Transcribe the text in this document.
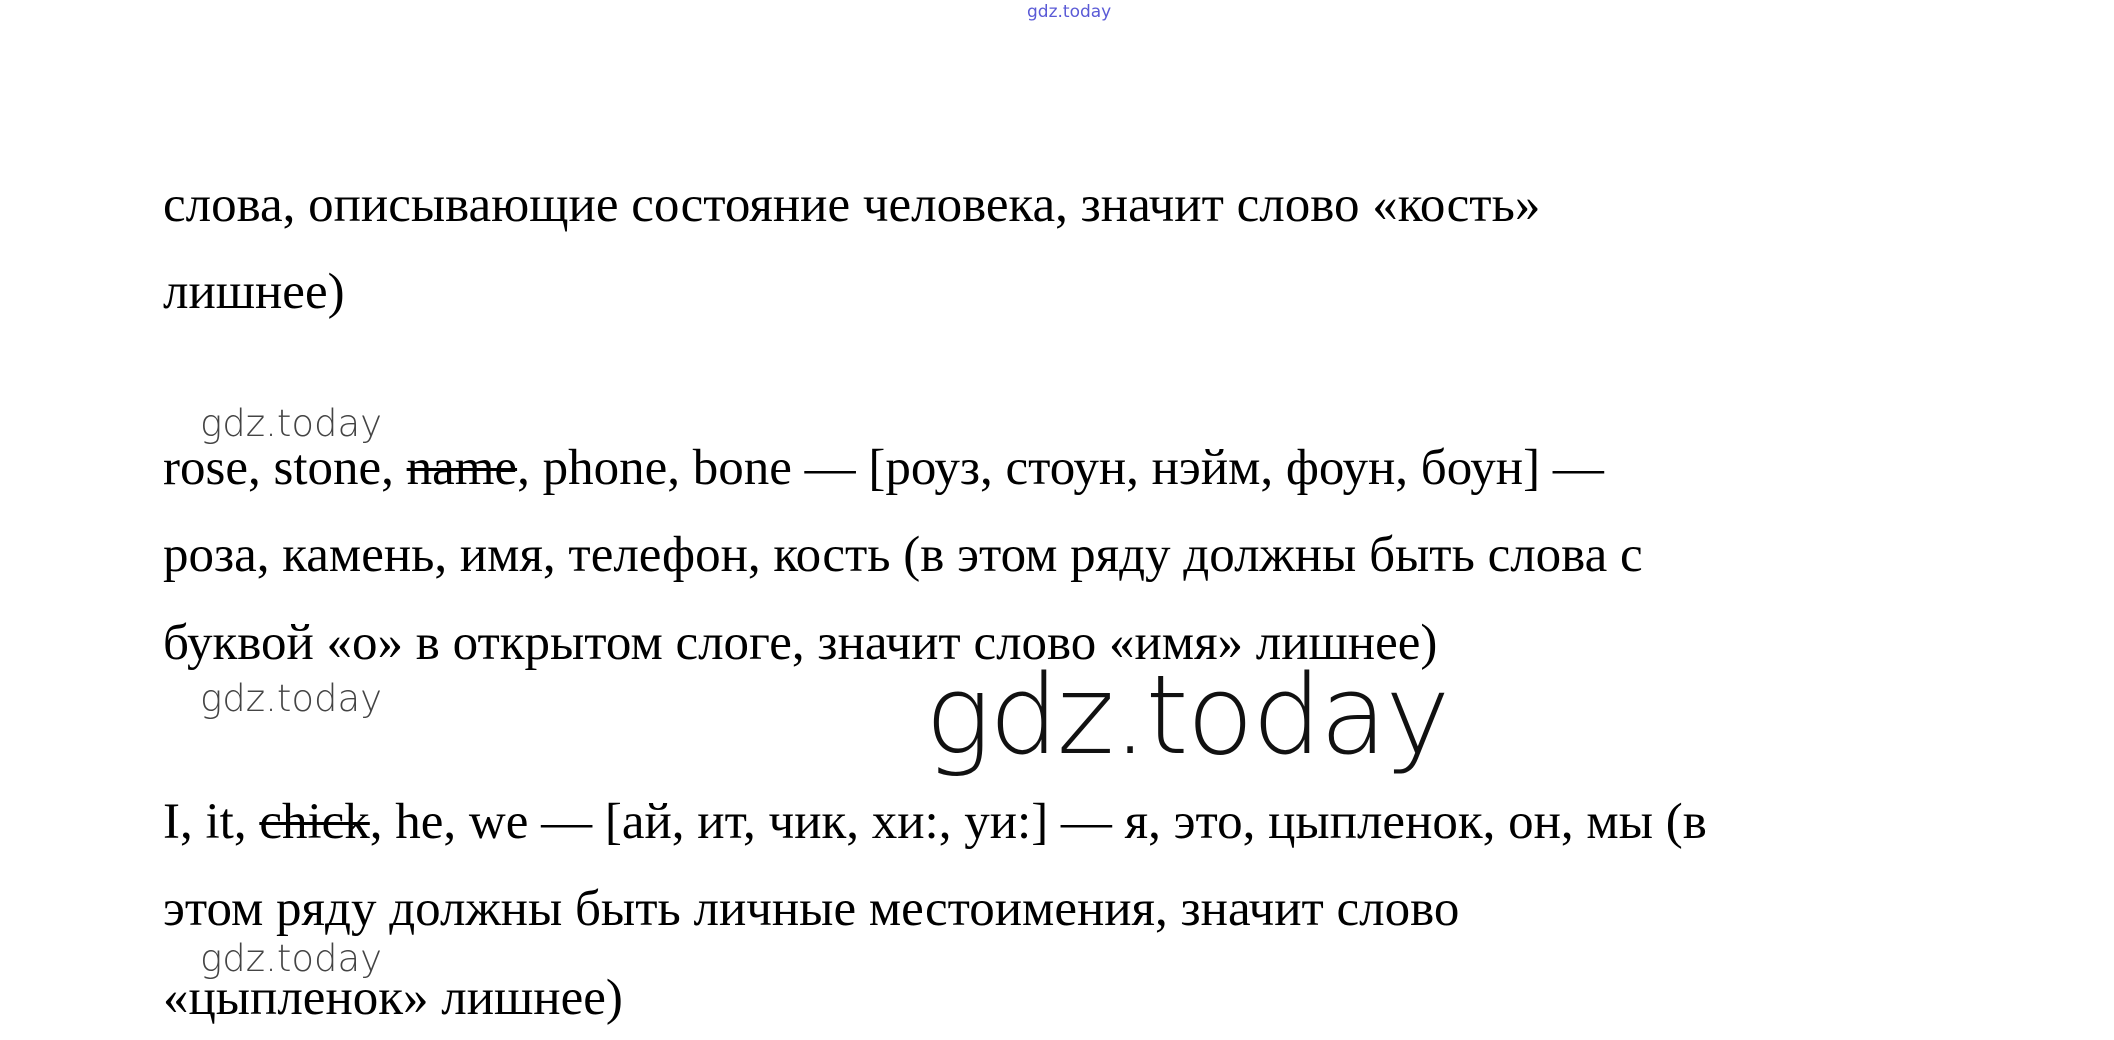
gdz.today
слова, описывающие состояние человека, значит слово «кость»
лишнее)
gdz.today
rose, stone, name, phone, bone — [роуз, стоун, нэйм, фоун, боун] —
роза, камень, имя, телефон, кость (в этом ряду должны быть слова с
буквой «о» в открытом слоге, значит слово «имя» лишнее)
gdz.today	gdz.today
I, it, chick, he, we — [ай, ит, чик, хи:, уи:] — я, это, цыпленок, он, мы (в
этом ряду должны быть личные местоимения, значит слово
gdz.today
«цыпленок» лишнее)
